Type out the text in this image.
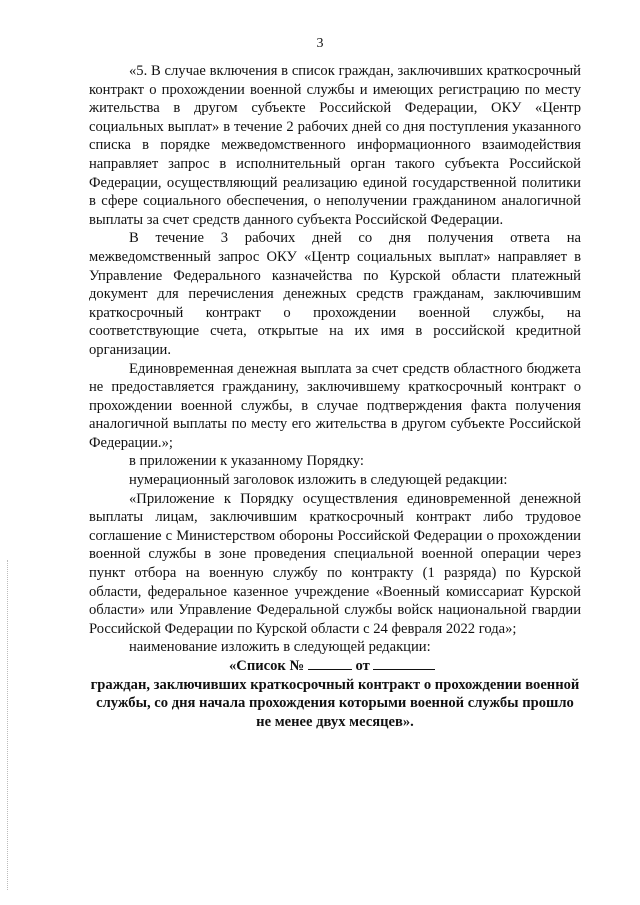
3

«5. В случае включения в список граждан, заключивших краткосрочный контракт о прохождении военной службы и имеющих регистрацию по месту жительства в другом субъекте Российской Федерации, ОКУ «Центр социальных выплат» в течение 2 рабочих дней со дня поступления указанного списка в порядке межведомственного информационного взаимодействия направляет запрос в исполнительный орган такого субъекта Российской Федерации, осуществляющий реализацию единой государственной политики в сфере социального обеспечения, о неполучении гражданином аналогичной выплаты за счет средств данного субъекта Российской Федерации.

В течение 3 рабочих дней со дня получения ответа на межведомственный запрос ОКУ «Центр социальных выплат» направляет в Управление Федерального казначейства по Курской области платежный документ для перечисления денежных средств гражданам, заключившим краткосрочный контракт о прохождении военной службы, на соответствующие счета, открытые на их имя в российской кредитной организации.

Единовременная денежная выплата за счет средств областного бюджета не предоставляется гражданину, заключившему краткосрочный контракт о прохождении военной службы, в случае подтверждения факта получения аналогичной выплаты по месту его жительства в другом субъекте Российской Федерации.»;

в приложении к указанному Порядку:

нумерационный заголовок изложить в следующей редакции:

«Приложение к Порядку осуществления единовременной денежной выплаты лицам, заключившим краткосрочный контракт либо трудовое соглашение с Министерством обороны Российской Федерации о прохождении военной службы в зоне проведения специальной военной операции через пункт отбора на военную службу по контракту (1 разряда) по Курской области, федеральное казенное учреждение «Военный комиссариат Курской области» или Управление Федеральной службы войск национальной гвардии Российской Федерации по Курской области с 24 февраля 2022 года»;

наименование изложить в следующей редакции:

«Список №	от

граждан, заключивших краткосрочный контракт о прохождении военной службы, со дня начала прохождения которыми военной службы прошло не менее двух месяцев».
